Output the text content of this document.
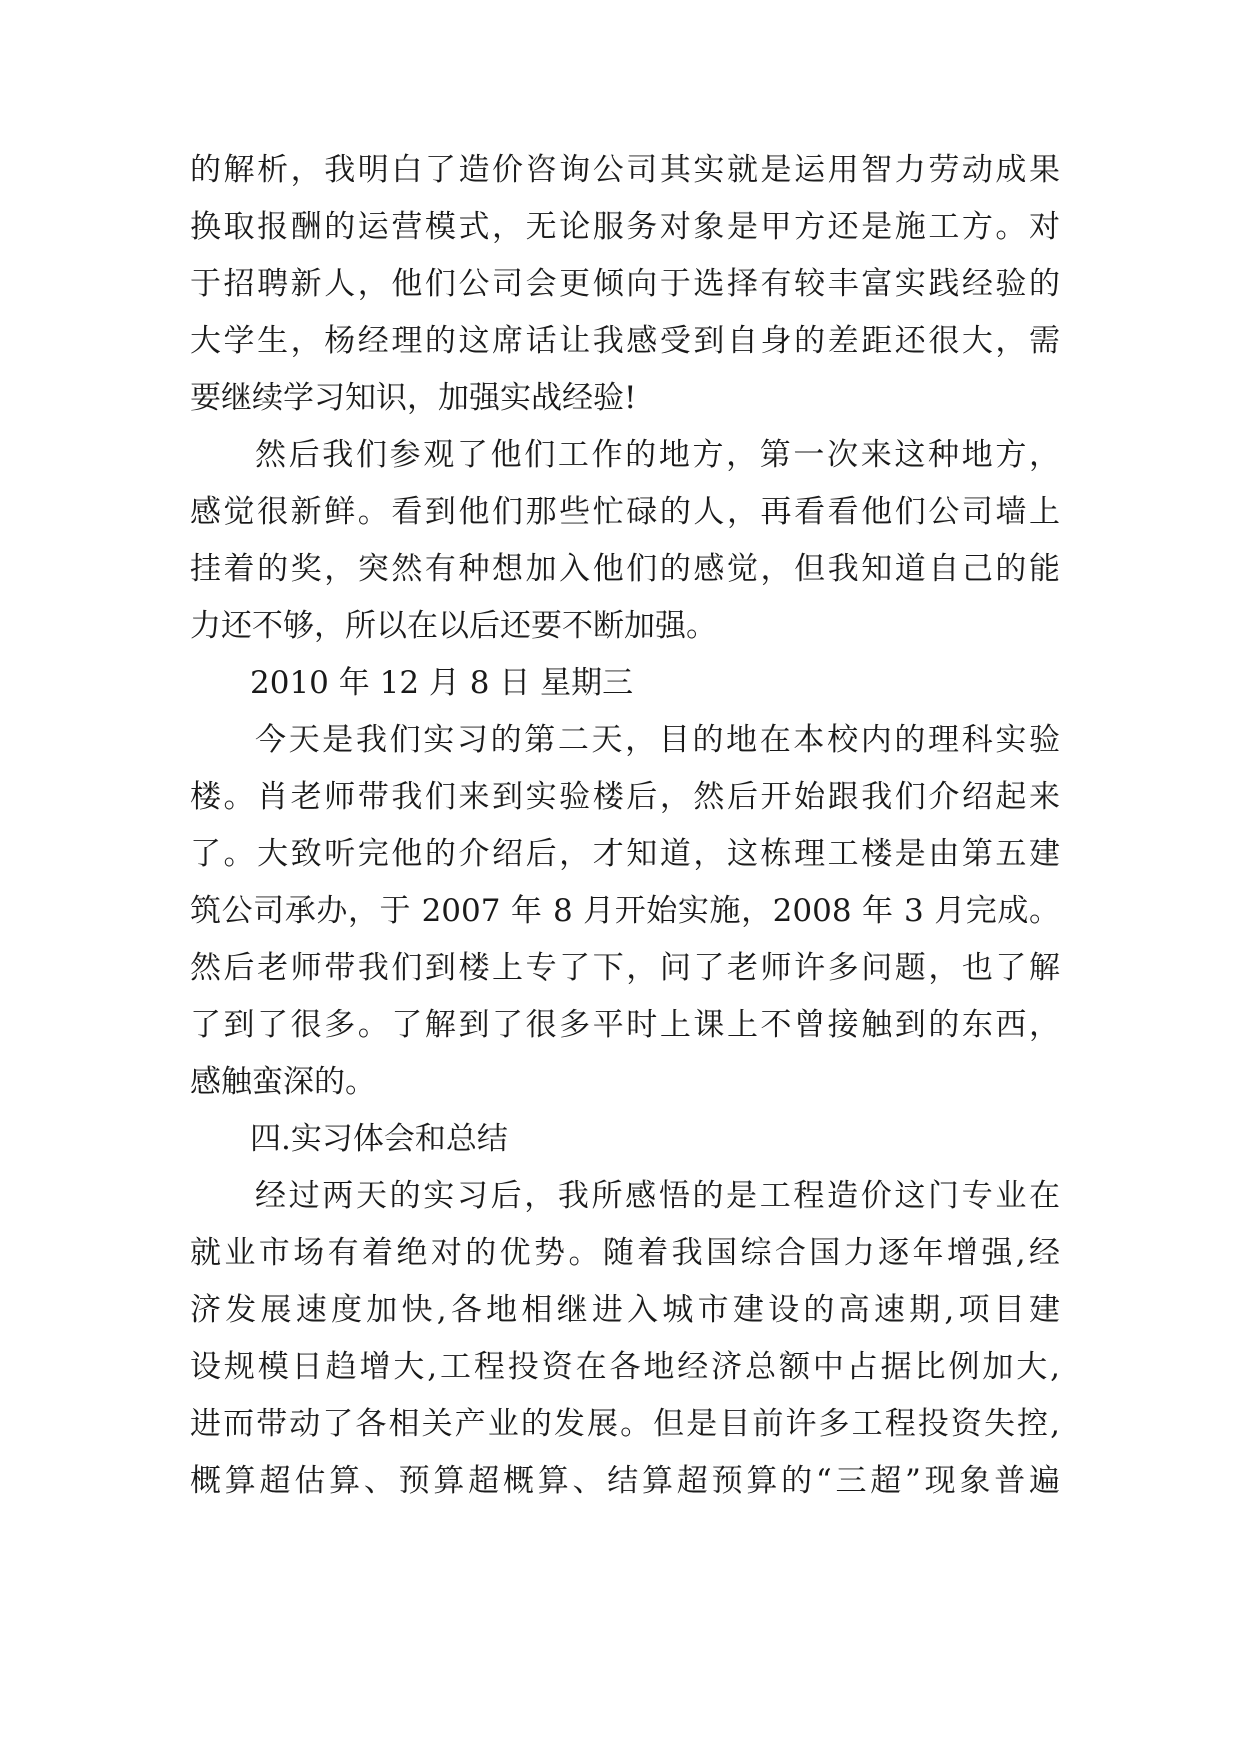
的解析，我明白了造价咨询公司其实就是运用智力劳动成果
换取报酬的运营模式，无论服务对象是甲方还是施工方。对
于招聘新人，他们公司会更倾向于选择有较丰富实践经验的
大学生，杨经理的这席话让我感受到自身的差距还很大，需
要继续学习知识，加强实战经验!
然后我们参观了他们工作的地方，第一次来这种地方，
感觉很新鲜。看到他们那些忙碌的人，再看看他们公司墙上
挂着的奖，突然有种想加入他们的感觉，但我知道自己的能
力还不够，所以在以后还要不断加强。
2010 年 12 月 8 日 星期三
今天是我们实习的第二天，目的地在本校内的理科实验
楼。肖老师带我们来到实验楼后，然后开始跟我们介绍起来
了。大致听完他的介绍后，才知道，这栋理工楼是由第五建
筑公司承办，于 2007 年 8 月开始实施，2008 年 3 月完成。
然后老师带我们到楼上专了下，问了老师许多问题，也了解
了到了很多。了解到了很多平时上课上不曾接触到的东西，
感触蛮深的。
四.实习体会和总结
经过两天的实习后，我所感悟的是工程造价这门专业在
就业市场有着绝对的优势。随着我国综合国力逐年增强,经
济发展速度加快,各地相继进入城市建设的高速期,项目建
设规模日趋增大,工程投资在各地经济总额中占据比例加大,
进而带动了各相关产业的发展。但是目前许多工程投资失控,
概算超估算、预算超概算、结算超预算的“三超”现象普遍
